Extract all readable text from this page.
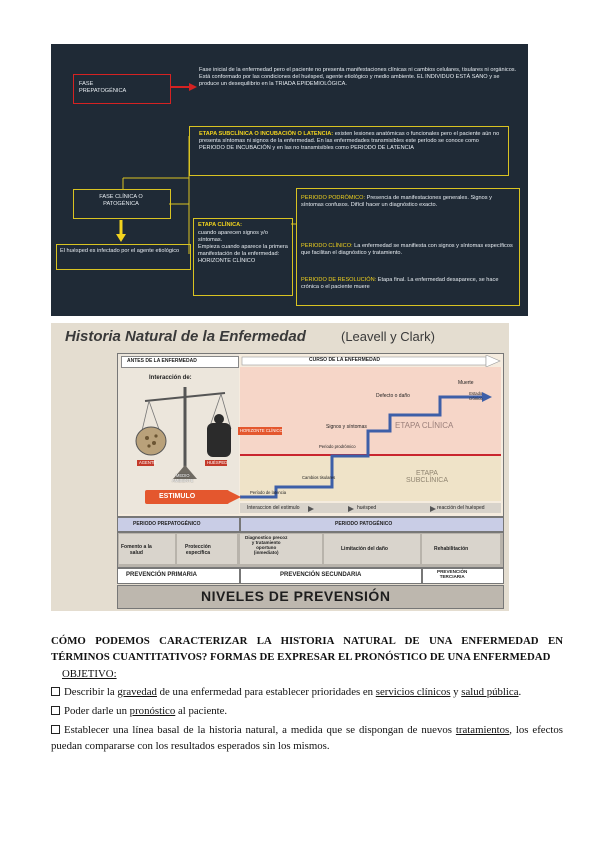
FASE
PREPATOGÉNICA
Fase inicial de la enfermedad pero el paciente no presenta manifestaciones clínicas ni cambios celulares, tisulares ni orgánicos. Está conformado por las condiciones del huésped, agente etiológico y medio ambiente. EL INDIVIDUO ESTÁ SANO y se produce un desequilibrio en la TRIADA EPIDEMIOLÓGICA.
ETAPA SUBCLÍNICA O INCUBACIÓN O LATENCIA: existen lesiones anatómicas o funcionales pero el paciente aún no presenta síntomas ni signos de la enfermedad. En las enfermedades transmisibles este período se conoce como PERIODO DE INCUBACIÓN y en las no transmisibles como PERIODO DE LATENCIA
FASE CLÍNICA O
PATOGÉNICA
El huésped es infectado por el agente etiológico
ETAPA CLÍNICA:
cuando aparecen signos y/o síntomas.
Empieza cuando aparece la primera manifestación de la enfermedad: HORIZONTE CLÍNICO
PERIODO PODRÓMICO: Presencia de manifestaciones generales. Signos y síntomas confusos. Difícil hacer un diagnóstico exacto.
PERIODO CLÍNICO: La enfermedad se manifiesta con signos y síntomas específicos que facilitan el diagnóstico y tratamiento.
PERIODO DE RESOLUCIÓN: Etapa final. La enfermedad desaparece, se hace crónica o el paciente muere
Historia Natural de la Enfermedad	(Leavell y Clark)
ANTES DE LA ENFERMEDAD
Interacción de:
AGENTE	HUÉSPED
MEDIO
AMBIENTE
CURSO DE LA ENFERMEDAD
HORIZONTE CLÍNICO
ESTIMULO
Muerte
Estado
crónico
Defecto o daño
Signos y síntomas
Periodo prodrómico
Cambios tisulares
Período de latencia
ETAPA CLÍNICA
ETAPA
SUBCLÍNICA
Interaccion del estimulo	huésped	reacción del huésped
PERIODO PREPATOGÉNICO	PERIODO PATOGÉNICO
Fomento a la
salud
Protección
específica
Diagnostico precoz
y tratamiento
oportuno
(inmediato)
Limitación del daño	Rehabilitación
PREVENCIÓN PRIMARIA	PREVENCIÓN SECUNDARIA
PREVENCIÓN
TERCIARIA
NIVELES DE PREVENSIÓN
CÓMO PODEMOS CARACTERIZAR LA HISTORIA NATURAL DE UNA ENFERMEDAD EN TÉRMINOS CUANTITATIVOS? FORMAS DE EXPRESAR EL PRONÓSTICO DE UNA ENFERMEDAD
OBJETIVO:
Describir la gravedad de una enfermedad para establecer prioridades en servicios clínicos y salud pública.
Poder darle un pronóstico al paciente.
Establecer una línea basal de la historia natural, a medida que se dispongan de nuevos tratamientos, los efectos puedan compararse con los resultados esperados sin los mismos.
